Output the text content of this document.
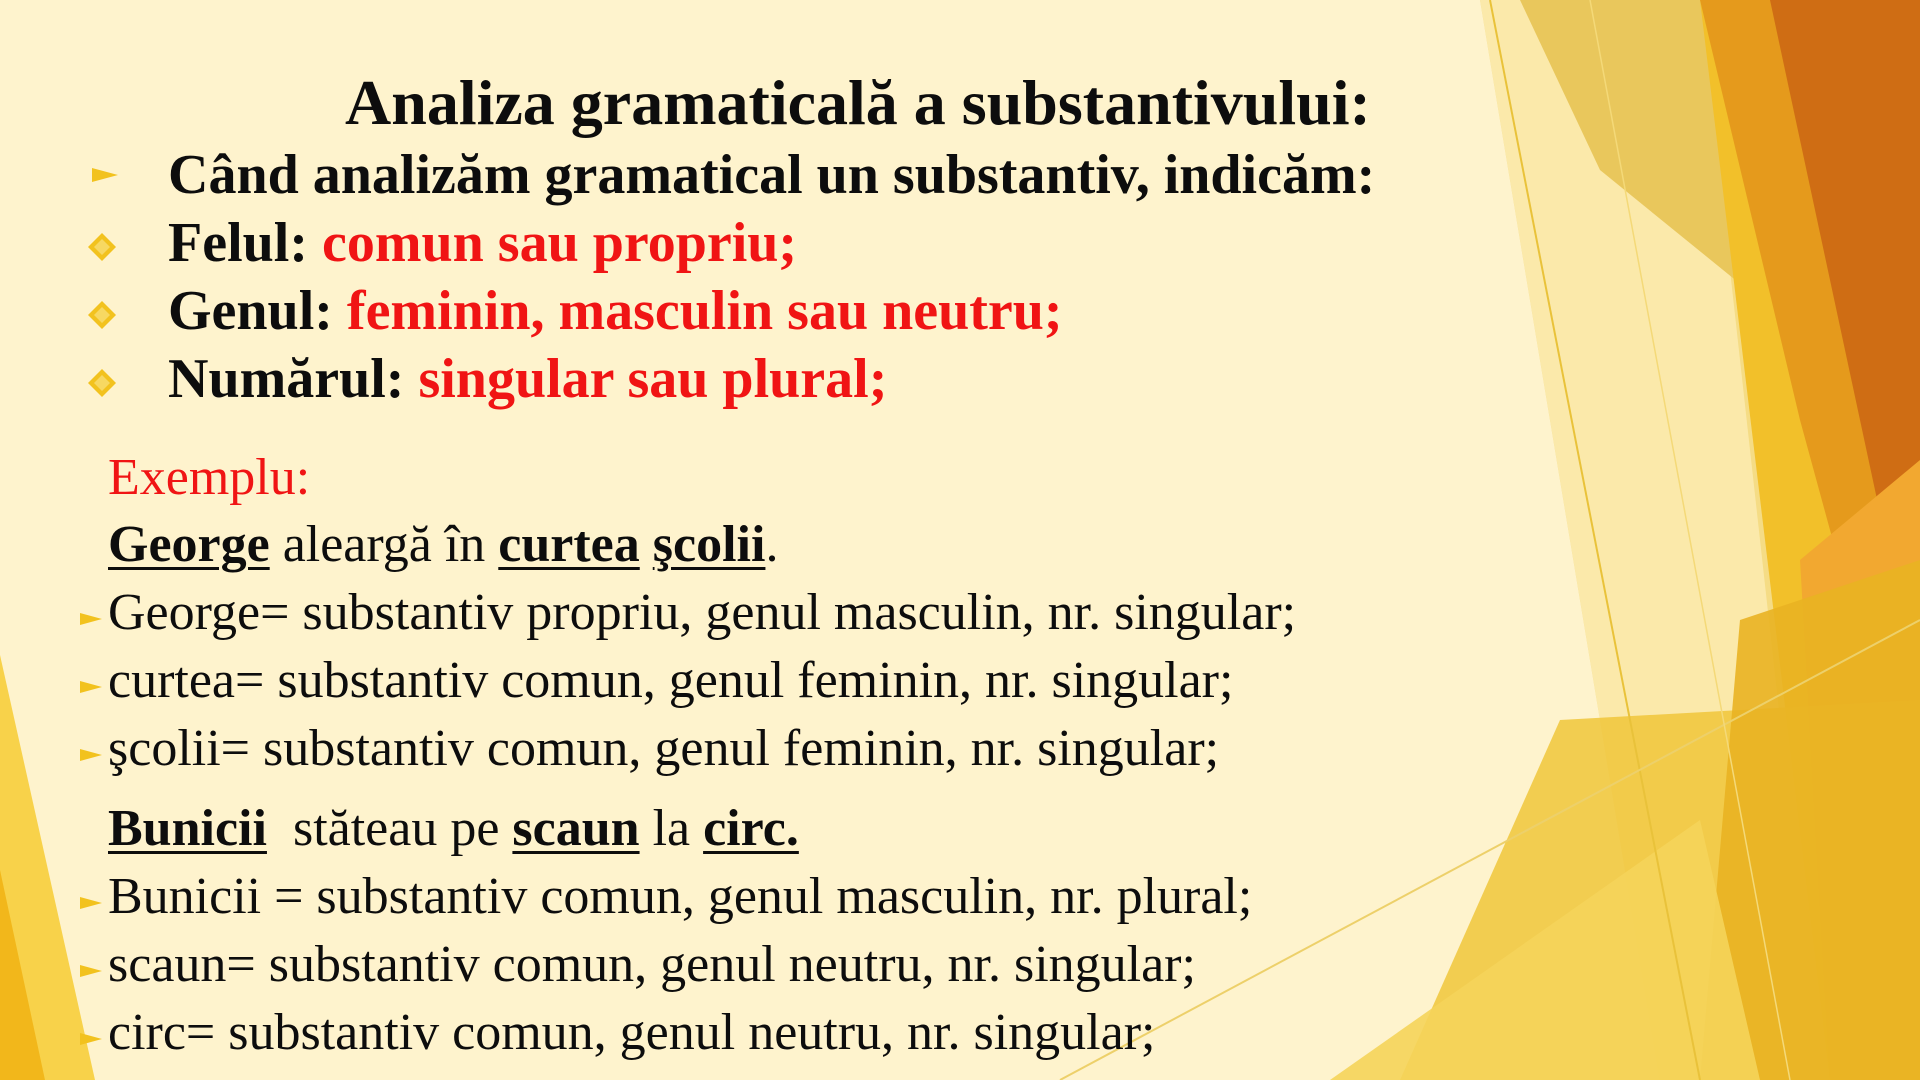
Analiza gramaticală a substantivului:
Când analizăm gramatical un substantiv, indicăm:
Felul: comun sau propriu;
Genul: feminin, masculin sau neutru;
Numărul: singular sau plural;
Exemplu:
George aleargă în curtea şcolii.
George= substantiv propriu, genul masculin, nr. singular;
curtea= substantiv comun, genul feminin, nr. singular;
şcolii= substantiv comun, genul feminin, nr. singular;
Bunicii  stăteau pe scaun la circ.
Bunicii = substantiv comun, genul masculin, nr. plural;
scaun= substantiv comun, genul neutru, nr. singular;
circ= substantiv comun, genul neutru, nr. singular;
